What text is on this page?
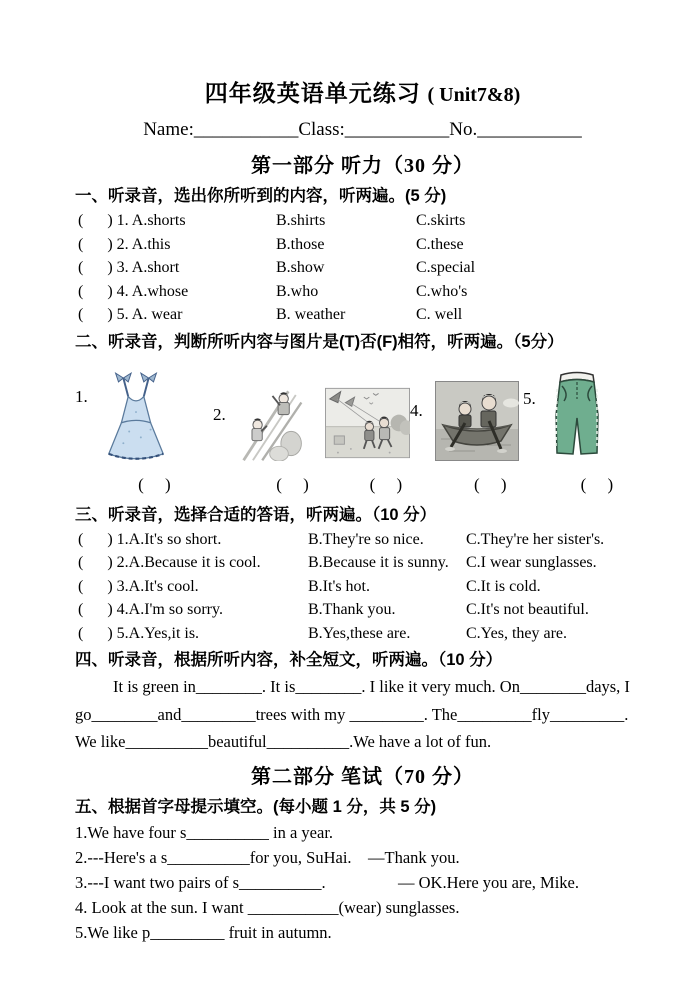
四年级英语单元练习 ( Unit7&8)
Name:___________Class:___________No.___________
第一部分 听力（30 分）
一、听录音，选出你所听到的内容，听两遍。(5 分)
(      ) 1. A.shorts	B.shirts	C.skirts
(      ) 2. A.this	B.those	C.these
(      ) 3. A.short	B.show	C.special
(      ) 4. A.whose	B.who	C.who's
(      ) 5. A. wear	B. weather	C. well
二、听录音，判断所听内容与图片是(T)否(F)相符，听两遍。（5分）
1.
2.	4.
5.
(     )	(     )	(     )	(     )	(     )
三、听录音，选择合适的答语，听两遍。（10 分）
(      ) 1.A.It's so short.	B.They're so nice.	C.They're her sister's.
(      ) 2.A.Because it is cool.	B.Because it is sunny.	C.I wear sunglasses.
(      ) 3.A.It's cool.	B.It's hot.	C.It is cold.
(      ) 4.A.I'm so sorry.	B.Thank you.	C.It's not beautiful.
(      ) 5.A.Yes,it is.	B.Yes,these are.	C.Yes, they are.
四、听录音，根据所听内容，补全短文，听两遍。（10 分）
It is green in________. It is________. I like it very much. On________days, I
go________and_________trees with my _________. The_________fly_________.
We like__________beautiful__________.We have a lot of fun.
第二部分 笔试（70 分）
五、根据首字母提示填空。(每小题 1 分，共 5 分)
1.We have four s__________ in a year.
2.---Here's a s__________for you, SuHai. —Thank you.
3.---I want two pairs of s__________.	— OK.Here you are, Mike.
4. Look at the sun. I want ___________(wear) sunglasses.
5.We like p_________ fruit in autumn.
